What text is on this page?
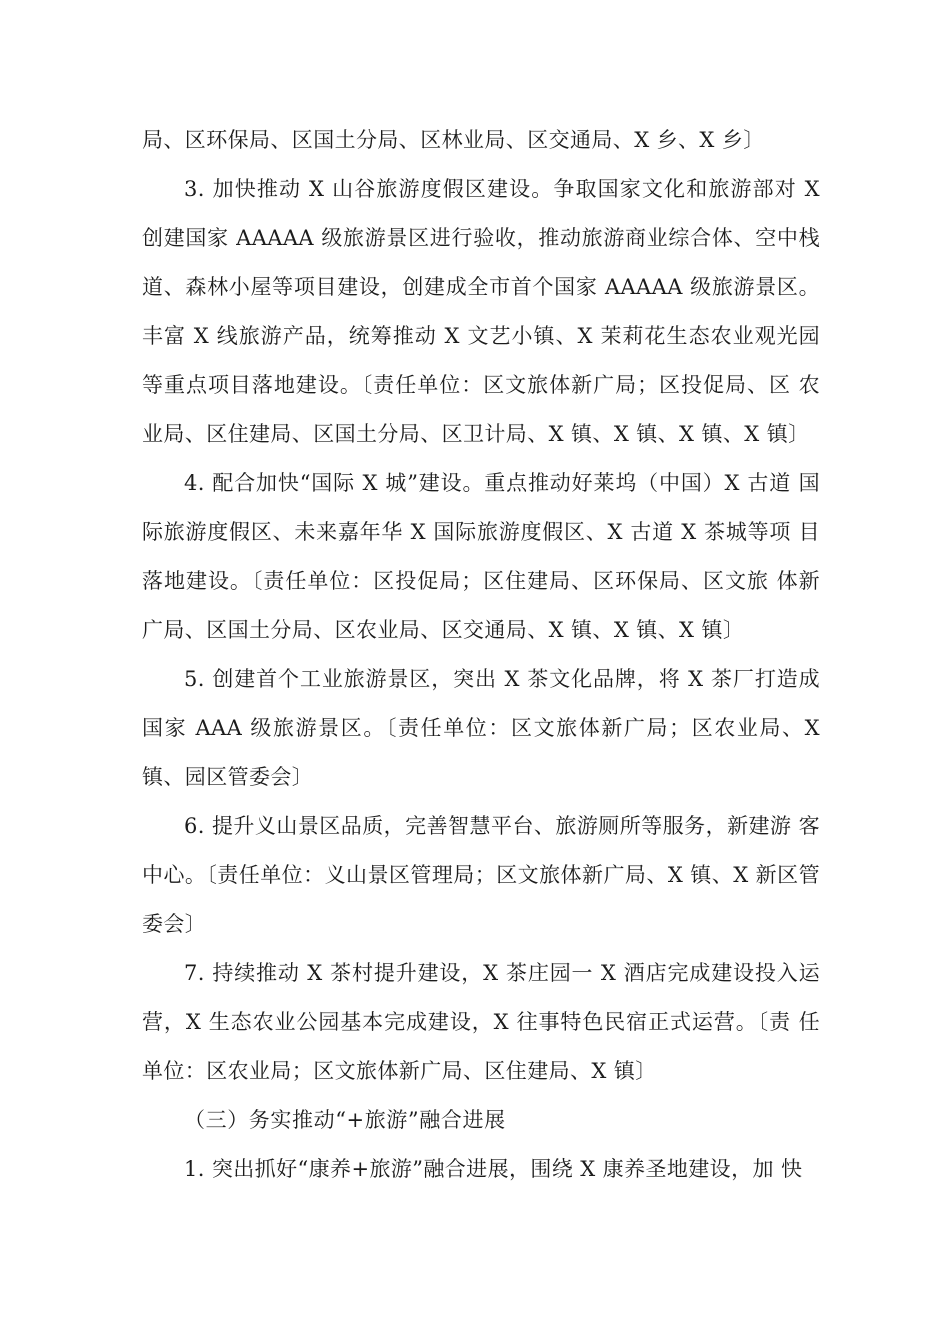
局、区环保局、区国土分局、区林业局、区交通局、X 乡、X 乡〕

3. 加快推动 X 山谷旅游度假区建设。争取国家文化和旅游部对 X 创建国家 AAAAA 级旅游景区进行验收，推动旅游商业综合体、空中栈 道、森林小屋等项目建设，创建成全市首个国家 AAAAA 级旅游景区。 丰富 X 线旅游产品，统筹推动 X 文艺小镇、X 茉莉花生态农业观光园 等重点项目落地建设。〔责任单位：区文旅体新广局；区投促局、区 农业局、区住建局、区国土分局、区卫计局、X 镇、X 镇、X 镇、X 镇〕

4. 配合加快“国际 X 城”建设。重点推动好莱坞（中国）X 古道 国际旅游度假区、未来嘉年华 X 国际旅游度假区、X 古道 X 茶城等项 目落地建设。〔责任单位：区投促局；区住建局、区环保局、区文旅 体新广局、区国土分局、区农业局、区交通局、X 镇、X 镇、X 镇〕

5. 创建首个工业旅游景区，突出 X 茶文化品牌，将 X 茶厂打造成 国家 AAA 级旅游景区。〔责任单位：区文旅体新广局；区农业局、X 镇、园区管委会〕

6. 提升义山景区品质，完善智慧平台、旅游厕所等服务，新建游 客中心。〔责任单位：义山景区管理局；区文旅体新广局、X 镇、X 新区管委会〕

7. 持续推动 X 茶村提升建设，X 茶庄园一 X 酒店完成建设投入运营，X 生态农业公园基本完成建设，X 往事特色民宿正式运营。〔责 任单位：区农业局；区文旅体新广局、区住建局、X 镇〕

（三）务实推动“+旅游”融合进展

1. 突出抓好“康养+旅游”融合进展，围绕 X 康养圣地建设，加 快
